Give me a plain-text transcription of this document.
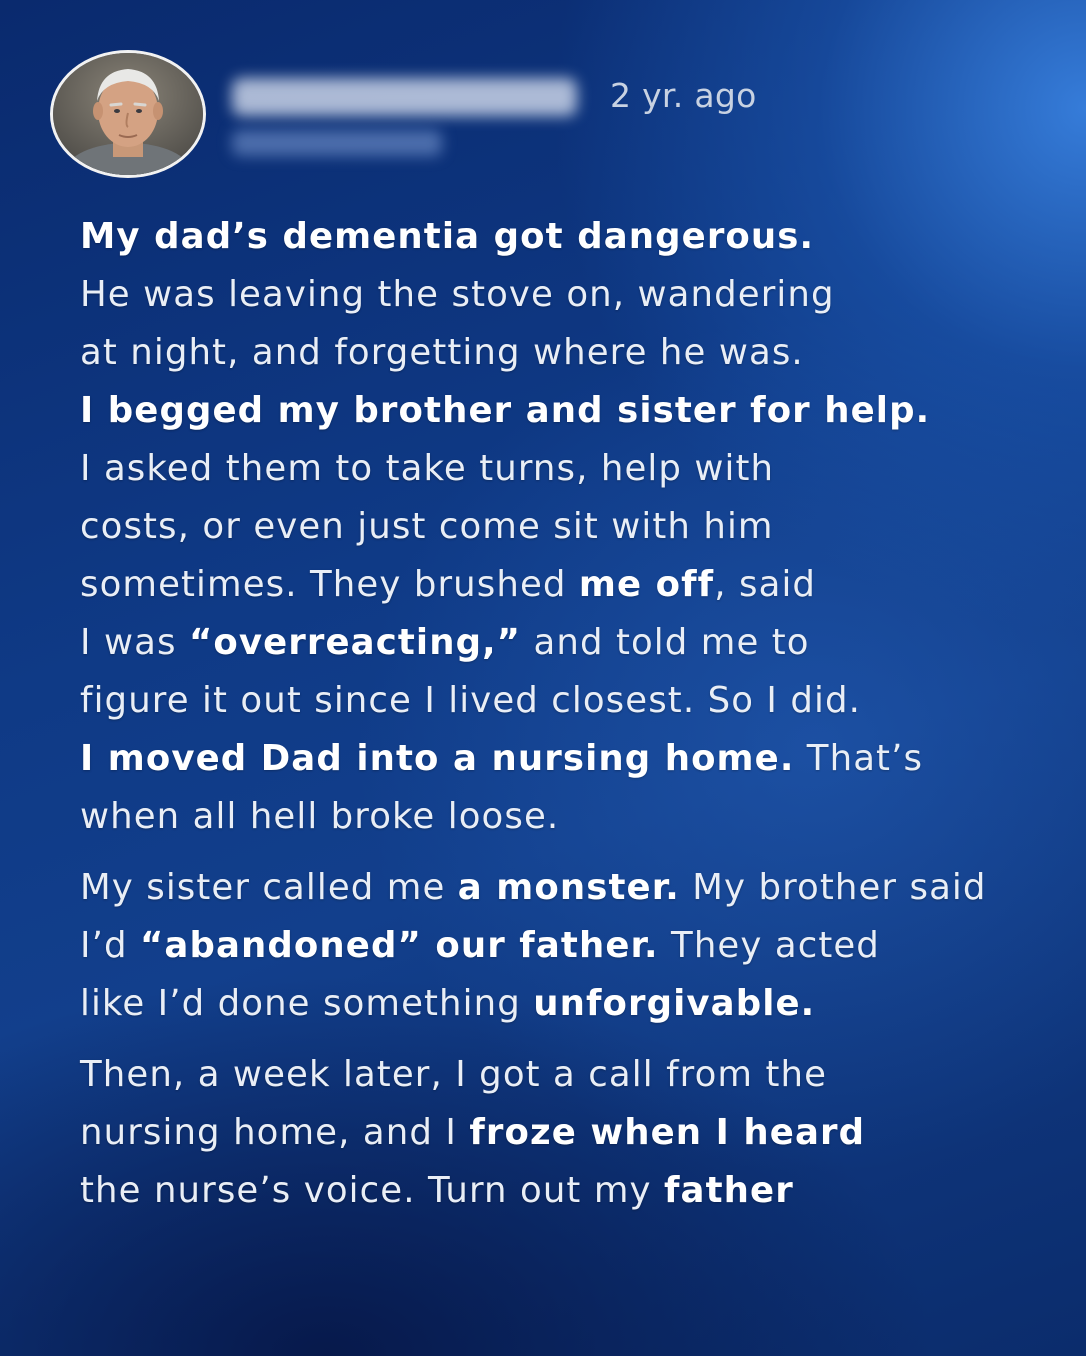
2 yr. ago
My dad’s dementia got dangerous.
He was leaving the stove on, wandering
at night, and forgetting where he was.
I begged my brother and sister for help.
I asked them to take turns, help with
costs, or even just come sit with him
sometimes. They brushed me off, said
I was “overreacting,” and told me to
figure it out since I lived closest. So I did.
I moved Dad into a nursing home. That’s
when all hell broke loose.
My sister called me a monster. My brother said
I’d “abandoned” our father. They acted
like I’d done something unforgivable.
Then, a week later, I got a call from the
nursing home, and I froze when I heard
the nurse’s voice. Turn out my father
